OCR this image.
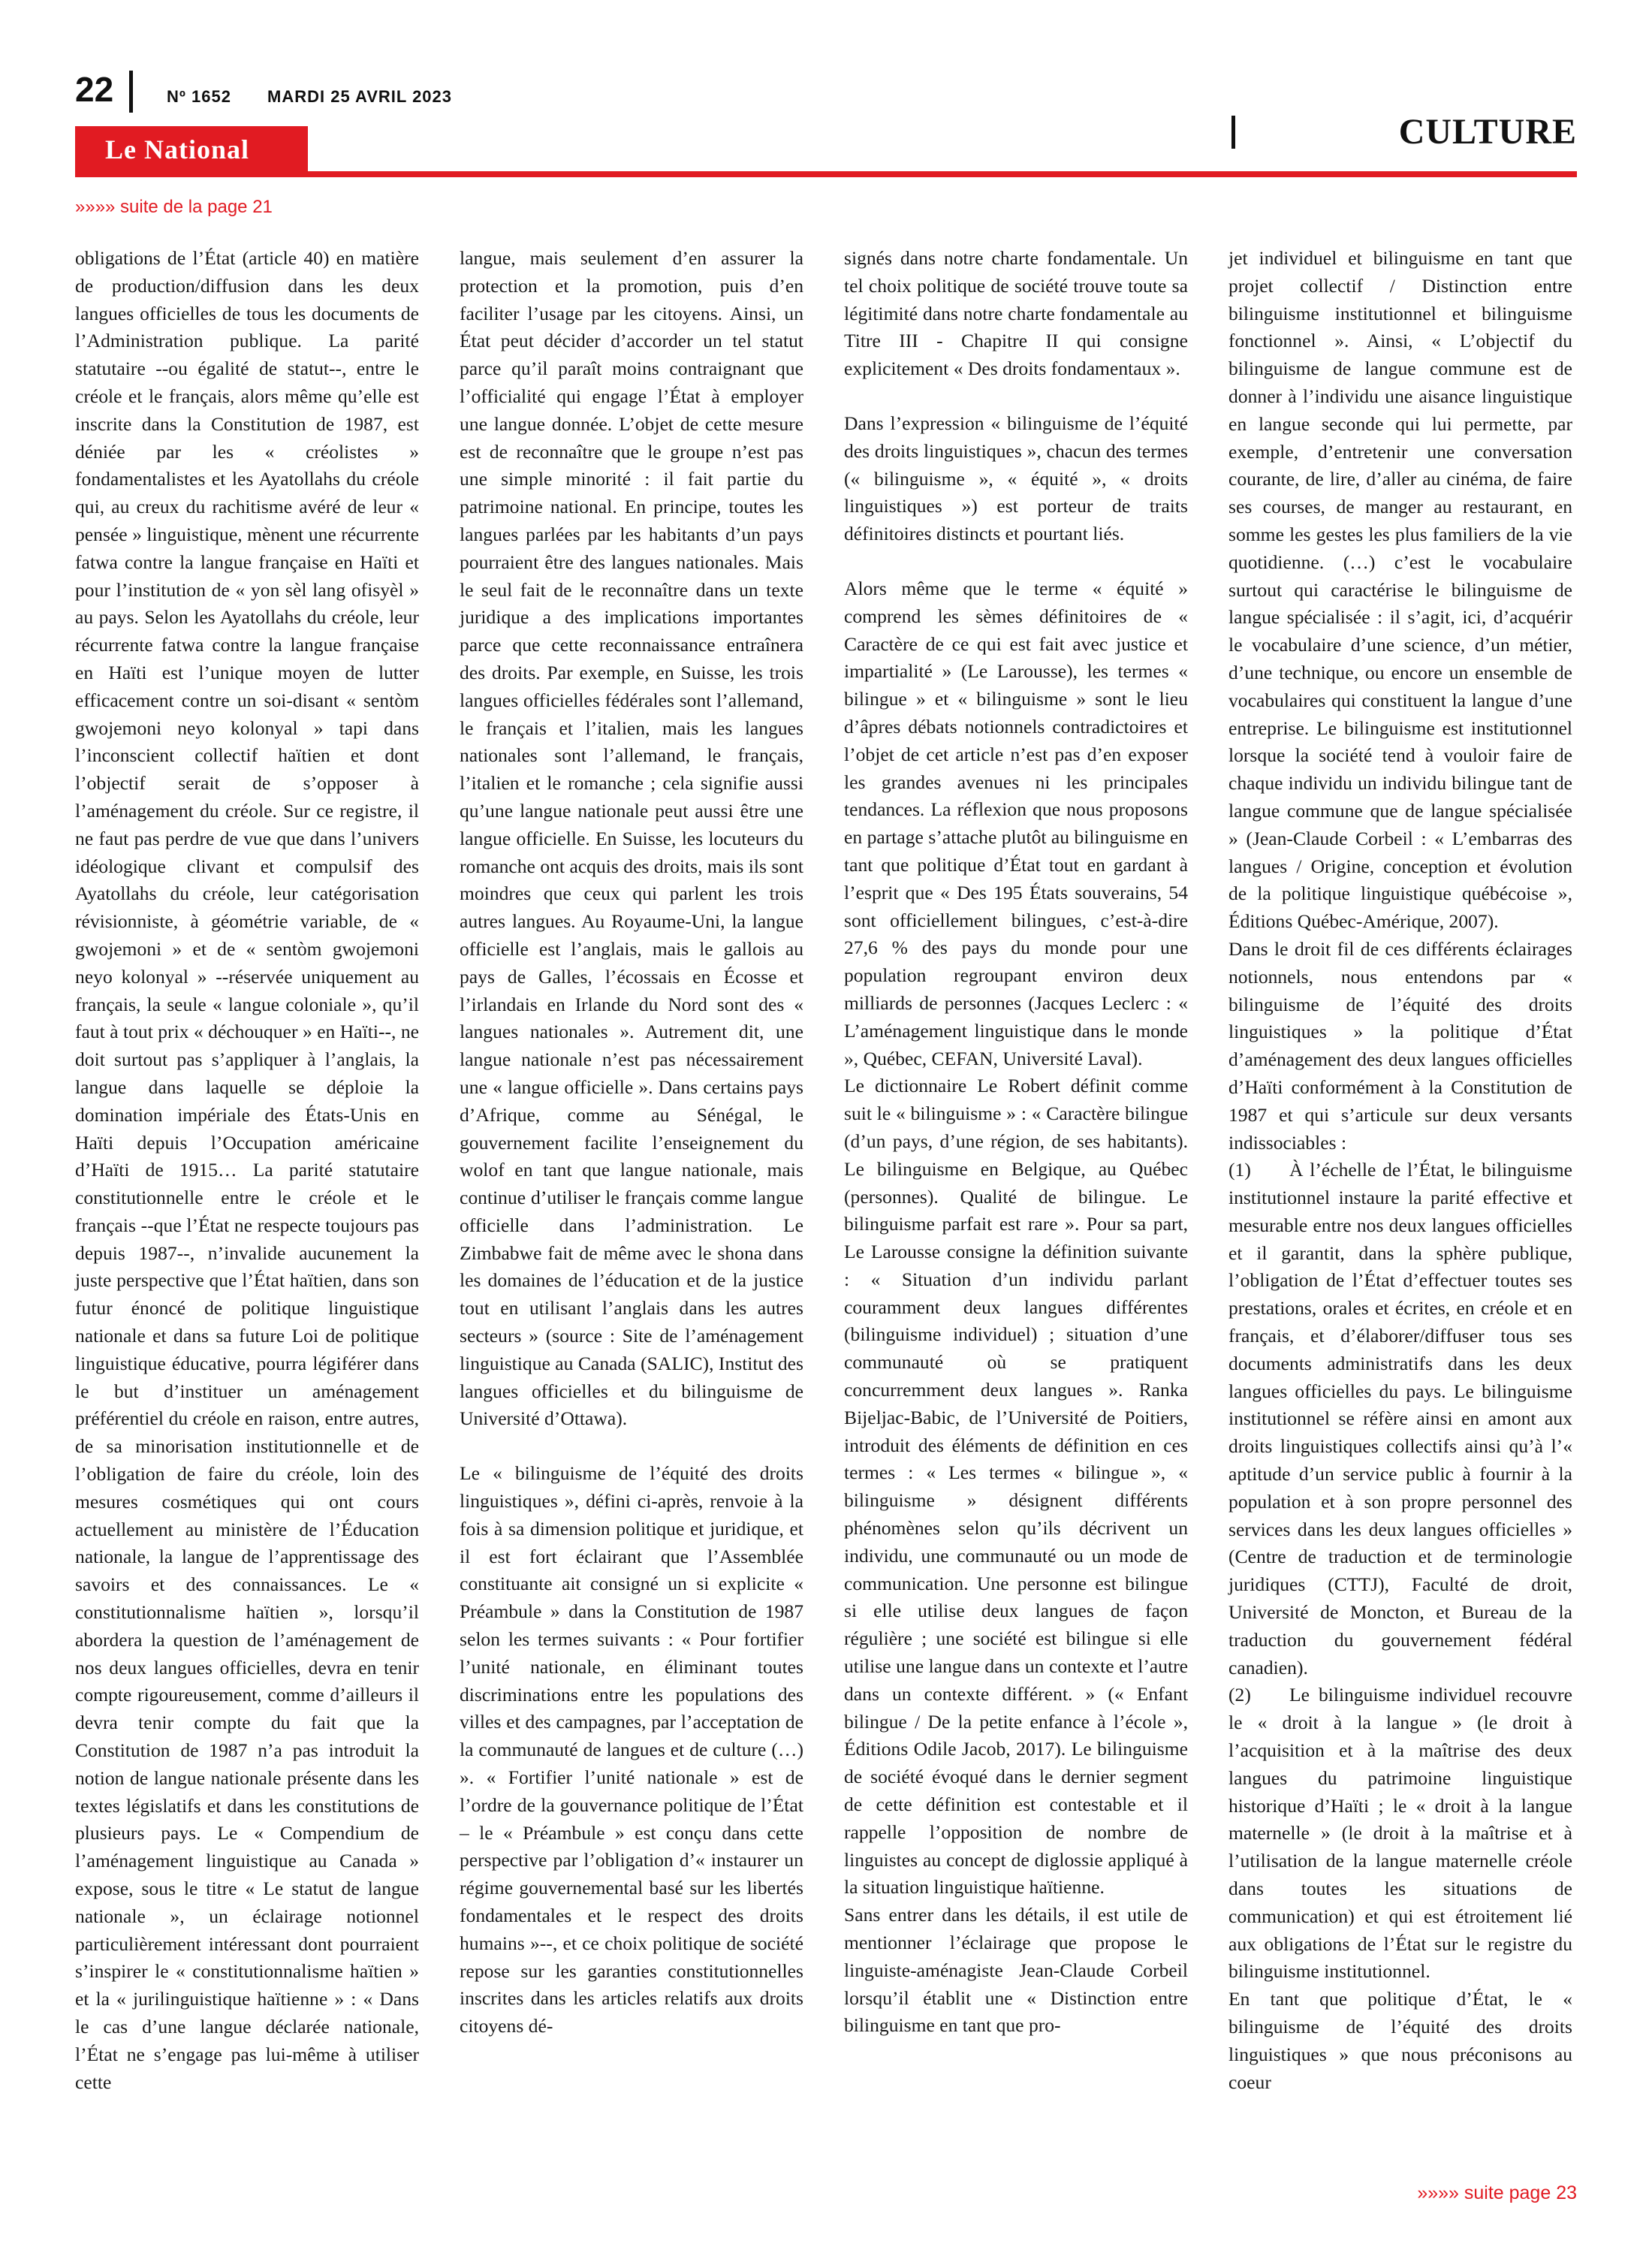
22	Nº 1652 MARDI 25 AVRIL 2023
Le National	CULTURE
»»»» suite de la page 21

obligations de l’État (article 40) en matière de production/diffusion dans les deux langues officielles de tous les documents de l’Administration publique. La parité statutaire --ou égalité de statut--, entre le créole et le français, alors même qu’elle est inscrite dans la Constitution de 1987, est déniée par les « créolistes » fondamentalistes et les Ayatollahs du créole qui, au creux du rachitisme avéré de leur « pensée » linguistique, mènent une récurrente fatwa contre la langue française en Haïti et pour l’institution de « yon sèl lang ofisyèl » au pays. Selon les Ayatollahs du créole, leur récurrente fatwa contre la langue française en Haïti est l’unique moyen de lutter efficacement contre un soi-disant « sentòm gwojemoni neyo kolonyal » tapi dans l’inconscient collectif haïtien et dont l’objectif serait de s’opposer à l’aménagement du créole. Sur ce registre, il ne faut pas perdre de vue que dans l’univers idéologique clivant et compulsif des Ayatollahs du créole, leur catégorisation révisionniste, à géométrie variable, de « gwojemoni » et de « sentòm gwojemoni neyo kolonyal » --réservée uniquement au français, la seule « langue coloniale », qu’il faut à tout prix « déchouquer » en Haïti--, ne doit surtout pas s’appliquer à l’anglais, la langue dans laquelle se déploie la domination impériale des États-Unis en Haïti depuis l’Occupation américaine d’Haïti de 1915… La parité statutaire constitutionnelle entre le créole et le français --que l’État ne respecte toujours pas depuis 1987--, n’invalide aucunement la juste perspective que l’État haïtien, dans son futur énoncé de politique linguistique nationale et dans sa future Loi de politique linguistique éducative, pourra légiférer dans le but d’instituer un aménagement préférentiel du créole en raison, entre autres, de sa minorisation institutionnelle et de l’obligation de faire du créole, loin des mesures cosmétiques qui ont cours actuellement au ministère de l’Éducation nationale, la langue de l’apprentissage des savoirs et des connaissances. Le « constitutionnalisme haïtien », lorsqu’il abordera la question de l’aménagement de nos deux langues officielles, devra en tenir compte rigoureusement, comme d’ailleurs il devra tenir compte du fait que la Constitution de 1987 n’a pas introduit la notion de langue nationale présente dans les textes législatifs et dans les constitutions de plusieurs pays. Le « Compendium de l’aménagement linguistique au Canada » expose, sous le titre « Le statut de langue nationale », un éclairage notionnel particulièrement intéressant dont pourraient s’inspirer le « constitutionnalisme haïtien » et la « jurilinguistique haïtienne » : « Dans le cas d’une langue déclarée nationale, l’État ne s’engage pas lui-même à utiliser cette

langue, mais seulement d’en assurer la protection et la promotion, puis d’en faciliter l’usage par les citoyens. Ainsi, un État peut décider d’accorder un tel statut parce qu’il paraît moins contraignant que l’officialité qui engage l’État à employer une langue donnée. L’objet de cette mesure est de reconnaître que le groupe n’est pas une simple minorité : il fait partie du patrimoine national. En principe, toutes les langues parlées par les habitants d’un pays pourraient être des langues nationales. Mais le seul fait de le reconnaître dans un texte juridique a des implications importantes parce que cette reconnaissance entraînera des droits. Par exemple, en Suisse, les trois langues officielles fédérales sont l’allemand, le français et l’italien, mais les langues nationales sont l’allemand, le français, l’italien et le romanche ; cela signifie aussi qu’une langue nationale peut aussi être une langue officielle. En Suisse, les locuteurs du romanche ont acquis des droits, mais ils sont moindres que ceux qui parlent les trois autres langues. Au Royaume-Uni, la langue officielle est l’anglais, mais le gallois au pays de Galles, l’écossais en Écosse et l’irlandais en Irlande du Nord sont des « langues nationales ». Autrement dit, une langue nationale n’est pas nécessairement une « langue officielle ». Dans certains pays d’Afrique, comme au Sénégal, le gouvernement facilite l’enseignement du wolof en tant que langue nationale, mais continue d’utiliser le français comme langue officielle dans l’administration. Le Zimbabwe fait de même avec le shona dans les domaines de l’éducation et de la justice tout en utilisant l’anglais dans les autres secteurs » (source : Site de l’aménagement linguistique au Canada (SALIC), Institut des langues officielles et du bilinguisme de Université d’Ottawa).

Le « bilinguisme de l’équité des droits linguistiques », défini ci-après, renvoie à la fois à sa dimension politique et juridique, et il est fort éclairant que l’Assemblée constituante ait consigné un si explicite « Préambule » dans la Constitution de 1987 selon les termes suivants : « Pour fortifier l’unité nationale, en éliminant toutes discriminations entre les populations des villes et des campagnes, par l’acceptation de la communauté de langues et de culture (…) ». « Fortifier l’unité nationale » est de l’ordre de la gouvernance politique de l’État – le « Préambule » est conçu dans cette perspective par l’obligation d’« instaurer un régime gouvernemental basé sur les libertés fondamentales et le respect des droits humains »--, et ce choix politique de société repose sur les garanties constitutionnelles inscrites dans les articles relatifs aux droits citoyens dé-

signés dans notre charte fondamentale. Un tel choix politique de société trouve toute sa légitimité dans notre charte fondamentale au Titre III - Chapitre II qui consigne explicitement « Des droits fondamentaux ».

Dans l’expression « bilinguisme de l’équité des droits linguistiques », chacun des termes (« bilinguisme », « équité », « droits linguistiques ») est porteur de traits définitoires distincts et pourtant liés.

Alors même que le terme « équité » comprend les sèmes définitoires de « Caractère de ce qui est fait avec justice et impartialité » (Le Larousse), les termes « bilingue » et « bilinguisme » sont le lieu d’âpres débats notionnels contradictoires et l’objet de cet article n’est pas d’en exposer les grandes avenues ni les principales tendances. La réflexion que nous proposons en partage s’attache plutôt au bilinguisme en tant que politique d’État tout en gardant à l’esprit que « Des 195 États souverains, 54 sont officiellement bilingues, c’est-à-dire 27,6 % des pays du monde pour une population regroupant environ deux milliards de personnes (Jacques Leclerc : « L’aménagement linguistique dans le monde », Québec, CEFAN, Université Laval).

Le dictionnaire Le Robert définit comme suit le « bilinguisme » : « Caractère bilingue (d’un pays, d’une région, de ses habitants). Le bilinguisme en Belgique, au Québec (personnes). Qualité de bilingue. Le bilinguisme parfait est rare ». Pour sa part, Le Larousse consigne la définition suivante : « Situation d’un individu parlant couramment deux langues différentes (bilinguisme individuel) ; situation d’une communauté où se pratiquent concurremment deux langues ». Ranka Bijeljac-Babic, de l’Université de Poitiers, introduit des éléments de définition en ces termes : « Les termes « bilingue », « bilinguisme » désignent différents phénomènes selon qu’ils décrivent un individu, une communauté ou un mode de communication. Une personne est bilingue si elle utilise deux langues de façon régulière ; une société est bilingue si elle utilise une langue dans un contexte et l’autre dans un contexte différent. » (« Enfant bilingue / De la petite enfance à l’école », Éditions Odile Jacob, 2017). Le bilinguisme de société évoqué dans le dernier segment de cette définition est contestable et il rappelle l’opposition de nombre de linguistes au concept de diglossie appliqué à la situation linguistique haïtienne.

Sans entrer dans les détails, il est utile de mentionner l’éclairage que propose le linguiste-aménagiste Jean-Claude Corbeil lorsqu’il établit une « Distinction entre bilinguisme en tant que pro-

jet individuel et bilinguisme en tant que projet collectif / Distinction entre bilinguisme institutionnel et bilinguisme fonctionnel ». Ainsi, « L’objectif du bilinguisme de langue commune est de donner à l’individu une aisance linguistique en langue seconde qui lui permette, par exemple, d’entretenir une conversation courante, de lire, d’aller au cinéma, de faire ses courses, de manger au restaurant, en somme les gestes les plus familiers de la vie quotidienne. (…) c’est le vocabulaire surtout qui caractérise le bilinguisme de langue spécialisée : il s’agit, ici, d’acquérir le vocabulaire d’une science, d’un métier, d’une technique, ou encore un ensemble de vocabulaires qui constituent la langue d’une entreprise. Le bilinguisme est institutionnel lorsque la société tend à vouloir faire de chaque individu un individu bilingue tant de langue commune que de langue spécialisée » (Jean-Claude Corbeil : « L’embarras des langues / Origine, conception et évolution de la politique linguistique québécoise », Éditions Québec-Amérique, 2007).

Dans le droit fil de ces différents éclairages notionnels, nous entendons par « bilinguisme de l’équité des droits linguistiques » la politique d’État d’aménagement des deux langues officielles d’Haïti conformément à la Constitution de 1987 et qui s’articule sur deux versants indissociables :

(1)  À l’échelle de l’État, le bilinguisme institutionnel instaure la parité effective et mesurable entre nos deux langues officielles et il garantit, dans la sphère publique, l’obligation de l’État d’effectuer toutes ses prestations, orales et écrites, en créole et en français, et d’élaborer/diffuser tous ses documents administratifs dans les deux langues officielles du pays. Le bilinguisme institutionnel se réfère ainsi en amont aux droits linguistiques collectifs ainsi qu’à l’« aptitude d’un service public à fournir à la population et à son propre personnel des services dans les deux langues officielles » (Centre de traduction et de terminologie juridiques (CTTJ), Faculté de droit, Université de Moncton, et Bureau de la traduction du gouvernement fédéral canadien).

(2)  Le bilinguisme individuel recouvre le « droit à la langue » (le droit à l’acquisition et à la maîtrise des deux langues du patrimoine linguistique historique d’Haïti ; le « droit à la langue maternelle » (le droit à la maîtrise et à l’utilisation de la langue maternelle créole dans toutes les situations de communication) et qui est étroitement lié aux obligations de l’État sur le registre du bilinguisme institutionnel.

En tant que politique d’État, le « bilinguisme de l’équité des droits linguistiques » que nous préconisons au coeur

»»»» suite page 23
